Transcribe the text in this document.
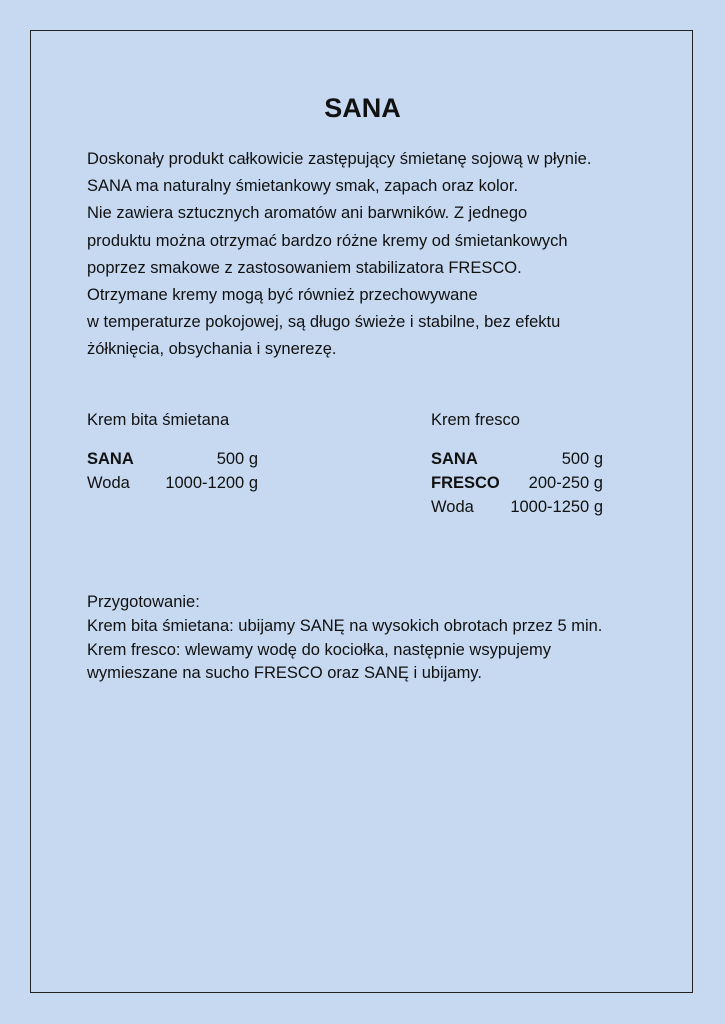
SANA
Doskonały produkt całkowicie zastępujący śmietanę sojową w płynie.
SANA ma naturalny śmietankowy smak, zapach oraz kolor.
Nie zawiera sztucznych aromatów ani barwników. Z jednego
produktu można otrzymać bardzo różne kremy od śmietankowych
poprzez smakowe z zastosowaniem stabilizatora FRESCO.
Otrzymane kremy mogą być również przechowywane
w temperaturze pokojowej, są długo świeże i stabilne, bez efektu
żółknięcia, obsychania i synerezę.
Krem bita śmietana
SANA	500 g
Woda 1000-1200 g
Krem fresco
SANA	500 g
FRESCO 200-250 g
Woda 1000-1250 g
Przygotowanie:
Krem bita śmietana: ubijamy SANĘ na wysokich obrotach przez 5 min.
Krem fresco: wlewamy wodę do kociołka, następnie wsypujemy
wymieszane na sucho FRESCO oraz SANĘ i ubijamy.
